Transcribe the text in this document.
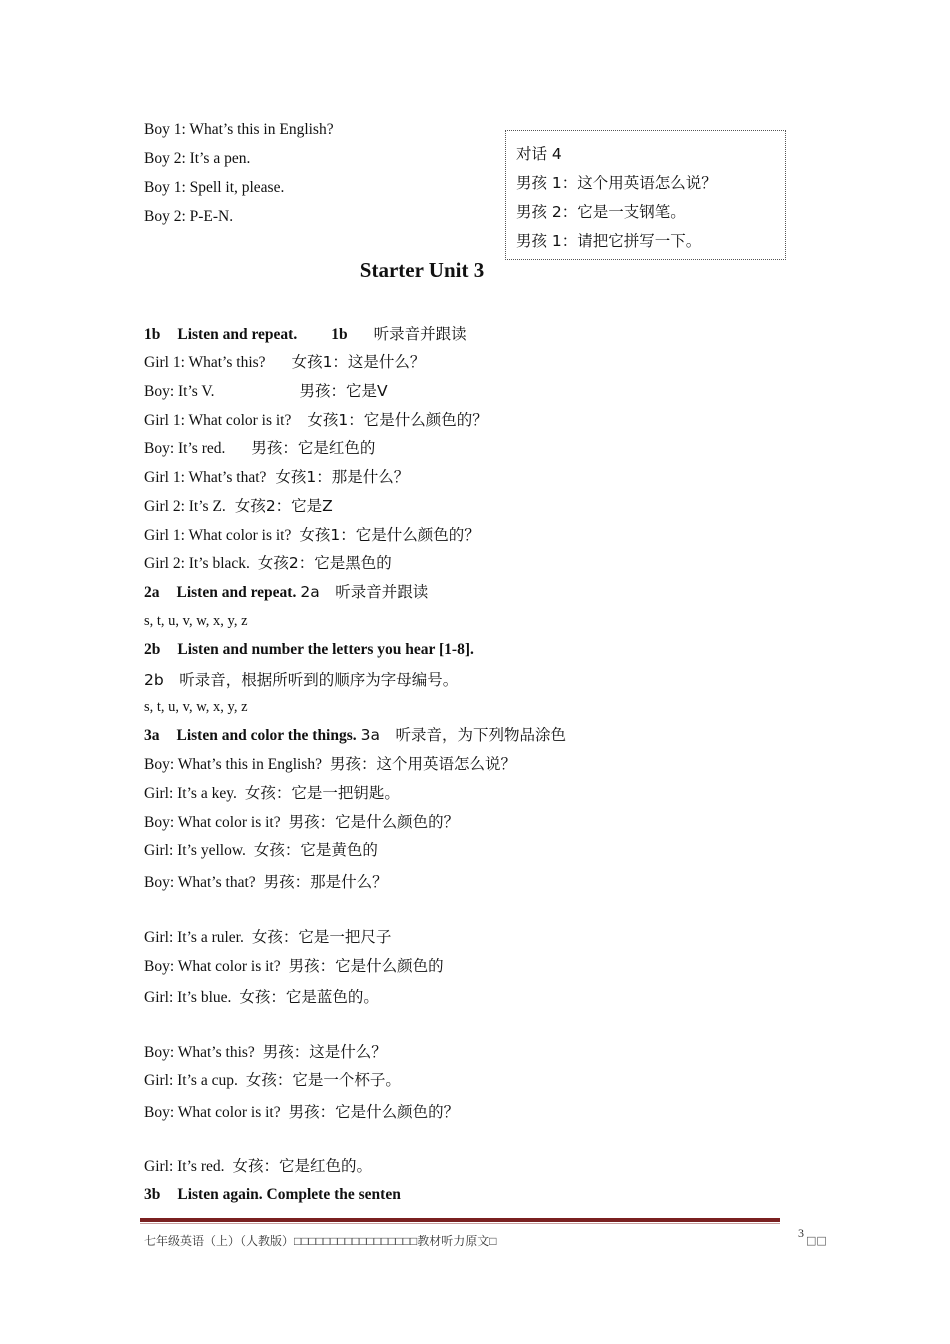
Boy 1: What’s this in English?
Boy 2: It’s a pen.
Boy 1: Spell it, please.
Boy 2: P-E-N.
对话 4
男孩 1：这个用英语怎么说？
男孩 2：它是一支钢笔。
男孩 1：请把它拼写一下。
Starter Unit 3
1b Listen and repeat. 1b 听录音并跟读
Girl 1: What’s this? 女孩1：这是什么？
Boy: It’s V.	男孩：它是V
Girl 1: What color is it? 女孩1：它是什么颜色的？
Boy: It’s red. 男孩：它是红色的
Girl 1: What’s that? 女孩1：那是什么？
Girl 2: It’s Z. 女孩2：它是Z
Girl 1: What color is it? 女孩1：它是什么颜色的？
Girl 2: It’s black. 女孩2：它是黑色的
2a Listen and repeat. 2a　听录音并跟读
s, t, u, v, w, x, y, z
2b Listen and number the letters you hear [1-8].
2b　听录音，根据所听到的顺序为字母编号。
s, t, u, v, w, x, y, z
3a Listen and color the things. 3a　听录音，为下列物品涂色
Boy: What’s this in English? 男孩：这个用英语怎么说？
Girl: It’s a key. 女孩：它是一把钥匙。
Boy: What color is it? 男孩：它是什么颜色的？
Girl: It’s yellow. 女孩：它是黄色的
Boy: What’s that? 男孩：那是什么？
Girl: It’s a ruler. 女孩：它是一把尺子
Boy: What color is it? 男孩：它是什么颜色的
Girl: It’s blue. 女孩：它是蓝色的。
Boy: What’s this? 男孩：这是什么？
Girl: It’s a cup. 女孩：它是一个杯子。
Boy: What color is it? 男孩：它是什么颜色的？
Girl: It’s red. 女孩：它是红色的。
3b Listen again. Complete the senten
七年级英语（上）（人教版）□□□□□□□□□□□□□□□□□教材听力原文□
3
□□
